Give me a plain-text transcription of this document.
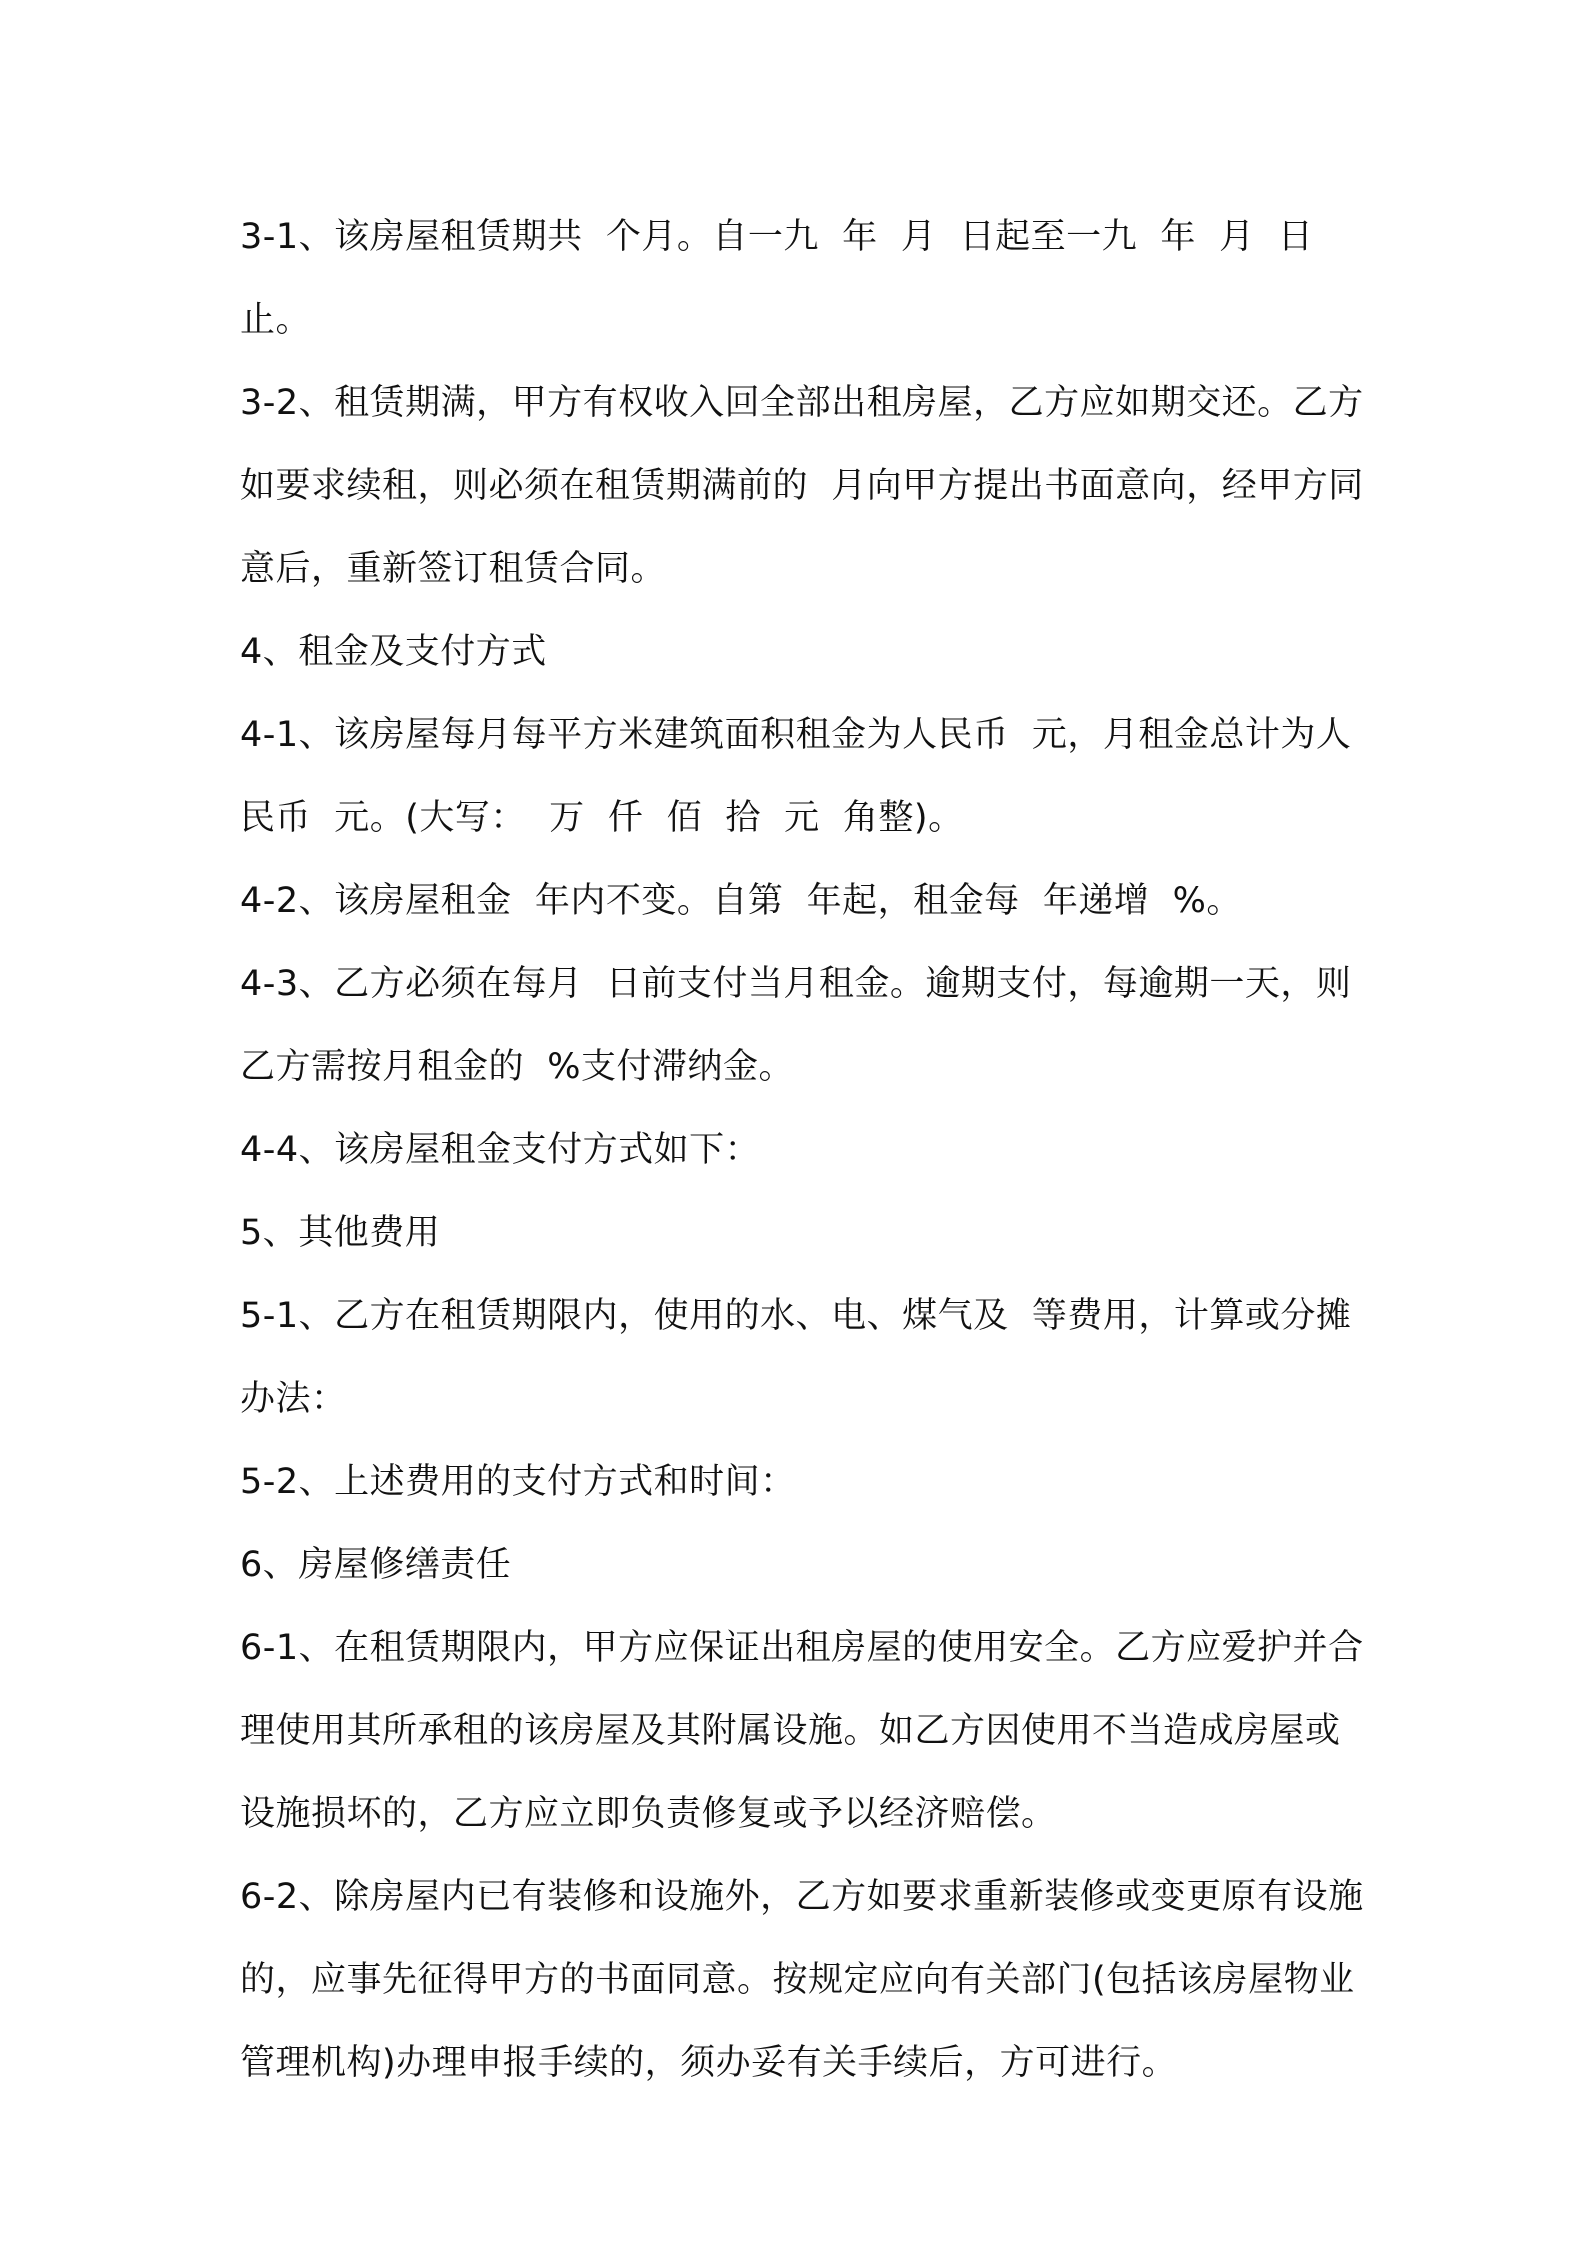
3-1、该房屋租赁期共  个月。自一九  年  月  日起至一九  年  月  日止。

3-2、租赁期满，甲方有权收入回全部出租房屋，乙方应如期交还。乙方如要求续租，则必须在租赁期满前的  月向甲方提出书面意向，经甲方同意后，重新签订租赁合同。

4、租金及支付方式

4-1、该房屋每月每平方米建筑面积租金为人民币  元，月租金总计为人民币  元。(大写：  万  仟  佰  拾  元  角整)。

4-2、该房屋租金  年内不变。自第  年起，租金每  年递增  %。

4-3、乙方必须在每月  日前支付当月租金。逾期支付，每逾期一天，则乙方需按月租金的  %支付滞纳金。

4-4、该房屋租金支付方式如下：

5、其他费用

5-1、乙方在租赁期限内，使用的水、电、煤气及  等费用，计算或分摊办法：

5-2、上述费用的支付方式和时间：

6、房屋修缮责任

6-1、在租赁期限内，甲方应保证出租房屋的使用安全。乙方应爱护并合理使用其所承租的该房屋及其附属设施。如乙方因使用不当造成房屋或设施损坏的，乙方应立即负责修复或予以经济赔偿。

6-2、除房屋内已有装修和设施外，乙方如要求重新装修或变更原有设施的，应事先征得甲方的书面同意。按规定应向有关部门(包括该房屋物业管理机构)办理申报手续的，须办妥有关手续后，方可进行。
